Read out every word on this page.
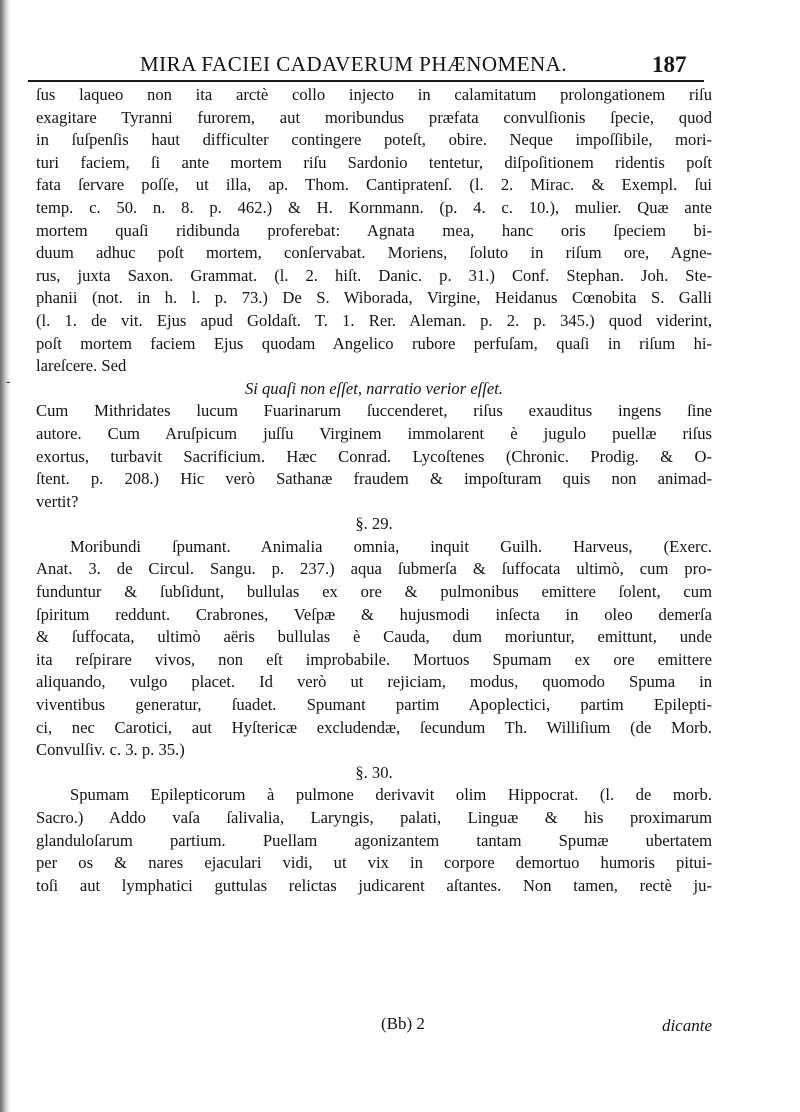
-
MIRA FACIEI CADAVERUM PHÆNOMENA.	187
ſus laqueo non ita arctè collo injecto in calamitatum prolongationem riſu
exagitare Tyranni furorem, aut moribundus præfata convulſionis ſpecie, quod
in ſuſpenſis haut difficulter contingere poteſt, obire. Neque impoſſibile, mori-
turi faciem, ſi ante mortem riſu Sardonio tentetur, diſpoſitionem ridentis poſt
fata ſervare poſſe, ut illa, ap. Thom. Cantipratenſ. (l. 2. Mirac. & Exempl. ſui
temp. c. 50. n. 8. p. 462.) & H. Kornmann. (p. 4. c. 10.), mulier. Quæ ante
mortem quaſi ridibunda proferebat: Agnata mea, hanc oris ſpeciem bi-
duum adhuc poſt mortem, conſervabat. Moriens, ſoluto in riſum ore, Agne-
rus, juxta Saxon. Grammat. (l. 2. hiſt. Danic. p. 31.) Conf. Stephan. Joh. Ste-
phanii (not. in h. l. p. 73.) De S. Wiborada, Virgine, Heidanus Cœnobita S. Galli
(l. 1. de vit. Ejus apud Goldaſt. T. 1. Rer. Aleman. p. 2. p. 345.) quod viderint,
poſt mortem faciem Ejus quodam Angelico rubore perfuſam, quaſi in riſum hi-
lareſcere. Sed
Si quaſi non eſſet, narratio verior eſſet.
Cum Mithridates lucum Fuarinarum ſuccenderet, riſus exauditus ingens ſine
autore. Cum Aruſpicum juſſu Virginem immolarent è jugulo puellæ riſus
exortus, turbavit Sacrificium. Hæc Conrad. Lycoſtenes (Chronic. Prodig. & O-
ſtent. p. 208.) Hic verò Sathanæ fraudem & impoſturam quis non animad-
vertit?
§. 29.
Moribundi ſpumant. Animalia omnia, inquit Guilh. Harveus, (Exerc.
Anat. 3. de Circul. Sangu. p. 237.) aqua ſubmerſa & ſuffocata ultimò, cum pro-
funduntur & ſubſidunt, bullulas ex ore & pulmonibus emittere ſolent, cum
ſpiritum reddunt. Crabrones, Veſpæ & hujusmodi inſecta in oleo demerſa
& ſuffocata, ultimò aëris bullulas è Cauda, dum moriuntur, emittunt, unde
ita reſpirare vivos, non eſt improbabile. Mortuos Spumam ex ore emittere
aliquando, vulgo placet. Id verò ut rejiciam, modus, quomodo Spuma in
viventibus generatur, ſuadet. Spumant partim Apoplectici, partim Epilepti-
ci, nec Carotici, aut Hyſtericæ excludendæ, ſecundum Th. Williſium (de Morb.
Convulſiv. c. 3. p. 35.)
§. 30.
Spumam Epilepticorum à pulmone derivavit olim Hippocrat. (l. de morb.
Sacro.) Addo vaſa ſalivalia, Laryngis, palati, Linguæ & his proximarum
glanduloſarum partium. Puellam agonizantem tantam Spumæ ubertatem
per os & nares ejaculari vidi, ut vix in corpore demortuo humoris pitui-
toſi aut lymphatici guttulas relictas judicarent aſtantes. Non tamen, rectè ju-
(Bb) 2	dicante
